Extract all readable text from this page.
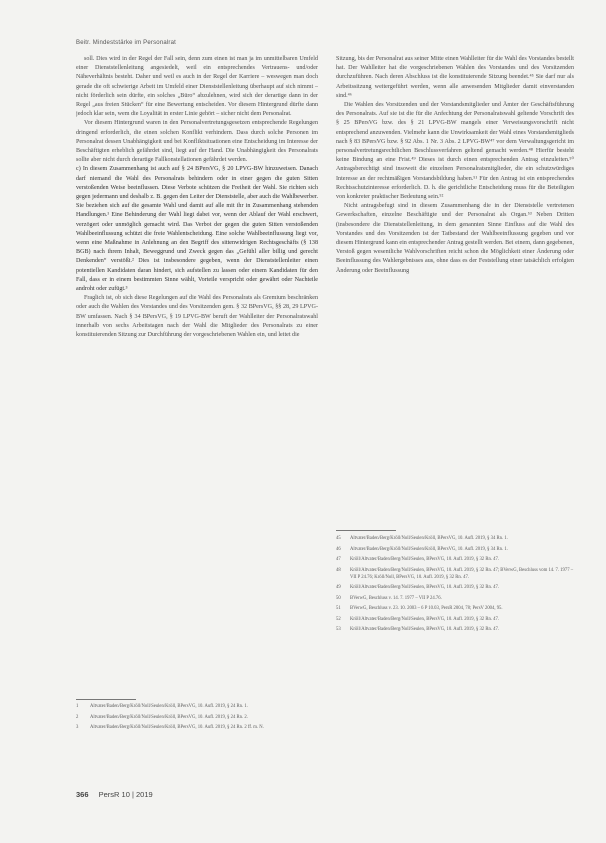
Beitr. Mindeststärke im Personalrat

soll. Dies wird in der Regel der Fall sein, denn zum einen ist man ja im unmittelbaren Umfeld einer Dienststellenleitung angesiedelt, weil ein entsprechendes Vertrauens- und/oder Näheverhältnis besteht. Daher und weil es auch in der Regel der Karriere – weswegen man doch gerade die oft schwierige Arbeit im Umfeld einer Dienststellenleitung überhaupt auf sich nimmt – nicht förderlich sein dürfte, ein solches „Büro“ abzulehnen, wird sich der derartige dann in der Regel „aus freien Stücken“ für eine Bewertung entscheiden. Vor diesem Hintergrund dürfte dann jedoch klar sein, wem die Loyalität in erster Linie gehört – sicher nicht dem Personalrat.

Vor diesem Hintergrund waren in den Personalvertretungsgesetzen entsprechende Regelungen dringend erforderlich, die einen solchen Konflikt verhindern. Dass durch solche Personen im Personalrat dessen Unabhängigkeit und bei Konfliktsituationen eine Entscheidung im Interesse der Beschäftigten erheblich gefährdet sind, liegt auf der Hand. Die Unabhängigkeit des Personalrats sollte aber nicht durch derartige Fallkonstellationen gefährdet werden.

c) In diesem Zusammenhang ist auch auf § 24 BPersVG, § 20 LPVG-BW hinzuweisen. Danach darf niemand die Wahl des Personalrats behindern oder in einer gegen die guten Sitten verstoßenden Weise beeinflussen. Diese Verbote schützen die Freiheit der Wahl. Sie richten sich gegen jedermann und deshalb z. B. gegen den Leiter der Dienststelle, aber auch die Wahlbewerber. Sie beziehen sich auf die gesamte Wahl und damit auf alle mit ihr in Zusammenhang stehenden Handlungen.¹ Eine Behinderung der Wahl liegt dabei vor, wenn der Ablauf der Wahl erschwert, verzögert oder unmöglich gemacht wird. Das Verbot der gegen die guten Sitten verstoßenden Wahlbeeinflussung schützt die freie Wahlentscheidung. Eine solche Wahlbeeinflussung liegt vor, wenn eine Maßnahme in Anlehnung an den Begriff des sittenwidrigen Rechtsgeschäfts (§ 138 BGB) nach ihrem Inhalt, Beweggrund und Zweck gegen das „Gefühl aller billig und gerecht Denkenden“ verstößt.² Dies ist insbesondere gegeben, wenn der Dienststellenleiter einen potentiellen Kandidaten daran hindert, sich aufstellen zu lassen oder einem Kandidaten für den Fall, dass er in einem bestimmten Sinne wählt, Vorteile verspricht oder gewährt oder Nachteile androht oder zufügt.³

Fraglich ist, ob sich diese Regelungen auf die Wahl des Personalrats als Gremium beschränken oder auch die Wahlen des Vorstandes und des Vorsitzenden gem. § 32 BPersVG, §§ 28, 29 LPVG-BW umfassen. Nach § 34 BPersVG, § 19 LPVG-BW beruft der Wahlleiter der Personalratswahl innerhalb von sechs Arbeitstagen nach der Wahl die Mitglieder des Personalrats zu einer konstituierenden Sitzung zur Durchführung der vorgeschriebenen Wahlen ein, und leitet die

Sitzung, bis der Personalrat aus seiner Mitte einen Wahlleiter für die Wahl des Vorstandes bestellt hat. Der Wahlleiter hat die vorgeschriebenen Wahlen des Vorstandes und des Vorsitzenden durchzuführen. Nach deren Abschluss ist die konstituierende Sitzung beendet.⁴⁵ Sie darf nur als Arbeitssitzung weitergeführt werden, wenn alle anwesenden Mitglieder damit einverstanden sind.⁴⁶

Die Wahlen des Vorsitzenden und der Vorstandsmitglieder und Ämter der Geschäftsführung des Personalrats. Auf sie ist die für die Anfechtung der Personalratswahl geltende Vorschrift des § 25 BPersVG bzw. des § 21 LPVG-BW mangels einer Verweisungsvorschrift nicht entsprechend anzuwenden. Vielmehr kann die Unwirksamkeit der Wahl eines Vorstandsmitglieds nach § 83 BPersVG bzw. § 92 Abs. 1 Nr. 3 Abs. 2 LPVG-BW⁴⁷ vor dem Verwaltungsgericht im personalvertretungsrechtlichen Beschlussverfahren geltend gemacht werden.⁴⁸ Hierfür besteht keine Bindung an eine Frist.⁴⁹ Dieses ist durch einen entsprechenden Antrag einzuleiten.⁵⁰ Antragsberechtigt sind insoweit die einzelnen Personalratsmitglieder, die ein schutzwürdiges Interesse an der rechtmäßigen Vorstandsbildung haben.⁵¹ Für den Antrag ist ein entsprechendes Rechtsschutzinteresse erforderlich. D. h. die gerichtliche Entscheidung muss für die Beteiligten von konkreter praktischer Bedeutung sein.⁵²

Nicht antragsbefugt sind in diesem Zusammenhang die in der Dienststelle vertretenen Gewerkschaften, einzelne Beschäftigte und der Personalrat als Organ.⁵³ Neben Dritten (insbesondere die Dienststellenleitung, in dem genannten Sinne Einfluss auf die Wahl des Vorstandes und des Vorsitzenden ist der Tatbestand der Wahlbeeinflussung gegeben und vor diesem Hintergrund kann ein entsprechender Antrag gestellt werden. Bei einem, dann gegebenen, Verstoß gegen wesentliche Wahlvorschriften reicht schon die Möglichkeit einer Änderung oder Beeinflussung des Wahlergebnisses aus, ohne dass es der Feststellung einer tatsächlich erfolgten Änderung oder Beeinflussung

45	Altvater/Baden/Berg/Kröll/Noll/Seulen/Kröll, BPersVG, 10. Aufl. 2019, § 34 Rn. 1.
46	Altvater/Baden/Berg/Kröll/Noll/Seulen/Kröll, BPersVG, 10. Aufl. 2019, § 34 Rn. 1.
47	Kröll/Altvater/Baden/Berg/Noll/Seulen, BPersVG, 10. Aufl. 2019, § 32 Rn. 47.
48	Kröll/Altvater/Baden/Berg/Noll/Seulen, BPersVG, 10. Aufl. 2019, § 32 Rn. 47; BVerwG, Beschluss vom 14. 7. 1977 – VII P 24.76; Kröll/Noll, BPersVG, 10. Aufl. 2019, § 32 Rn. 47.
49	Kröll/Altvater/Baden/Berg/Noll/Seulen, BPersVG, 10. Aufl. 2019, § 32 Rn. 47.
50	BVerwG, Beschluss v. 14. 7. 1977 – VII P 24.76.
51	BVerwG, Beschluss v. 23. 10. 2003 – 6 P 10.03, PersR 2004, 78; PersV 2004, 95.
52	Kröll/Altvater/Baden/Berg/Noll/Seulen, BPersVG, 10. Aufl. 2019, § 32 Rn. 47.
53	Kröll/Altvater/Baden/Berg/Noll/Seulen, BPersVG, 10. Aufl. 2019, § 32 Rn. 47.
1	Altvater/Baden/Berg/Kröll/Noll/Seulen/Kröll, BPersVG, 10. Aufl. 2019, § 24 Rn. 1.
2	Altvater/Baden/Berg/Kröll/Noll/Seulen/Kröll, BPersVG, 10. Aufl. 2019, § 24 Rn. 2.
3	Altvater/Baden/Berg/Kröll/Noll/Seulen/Kröll, BPersVG, 10. Aufl. 2019, § 24 Rn. 2 ff. m. N.
366 PersR 10 | 2019
